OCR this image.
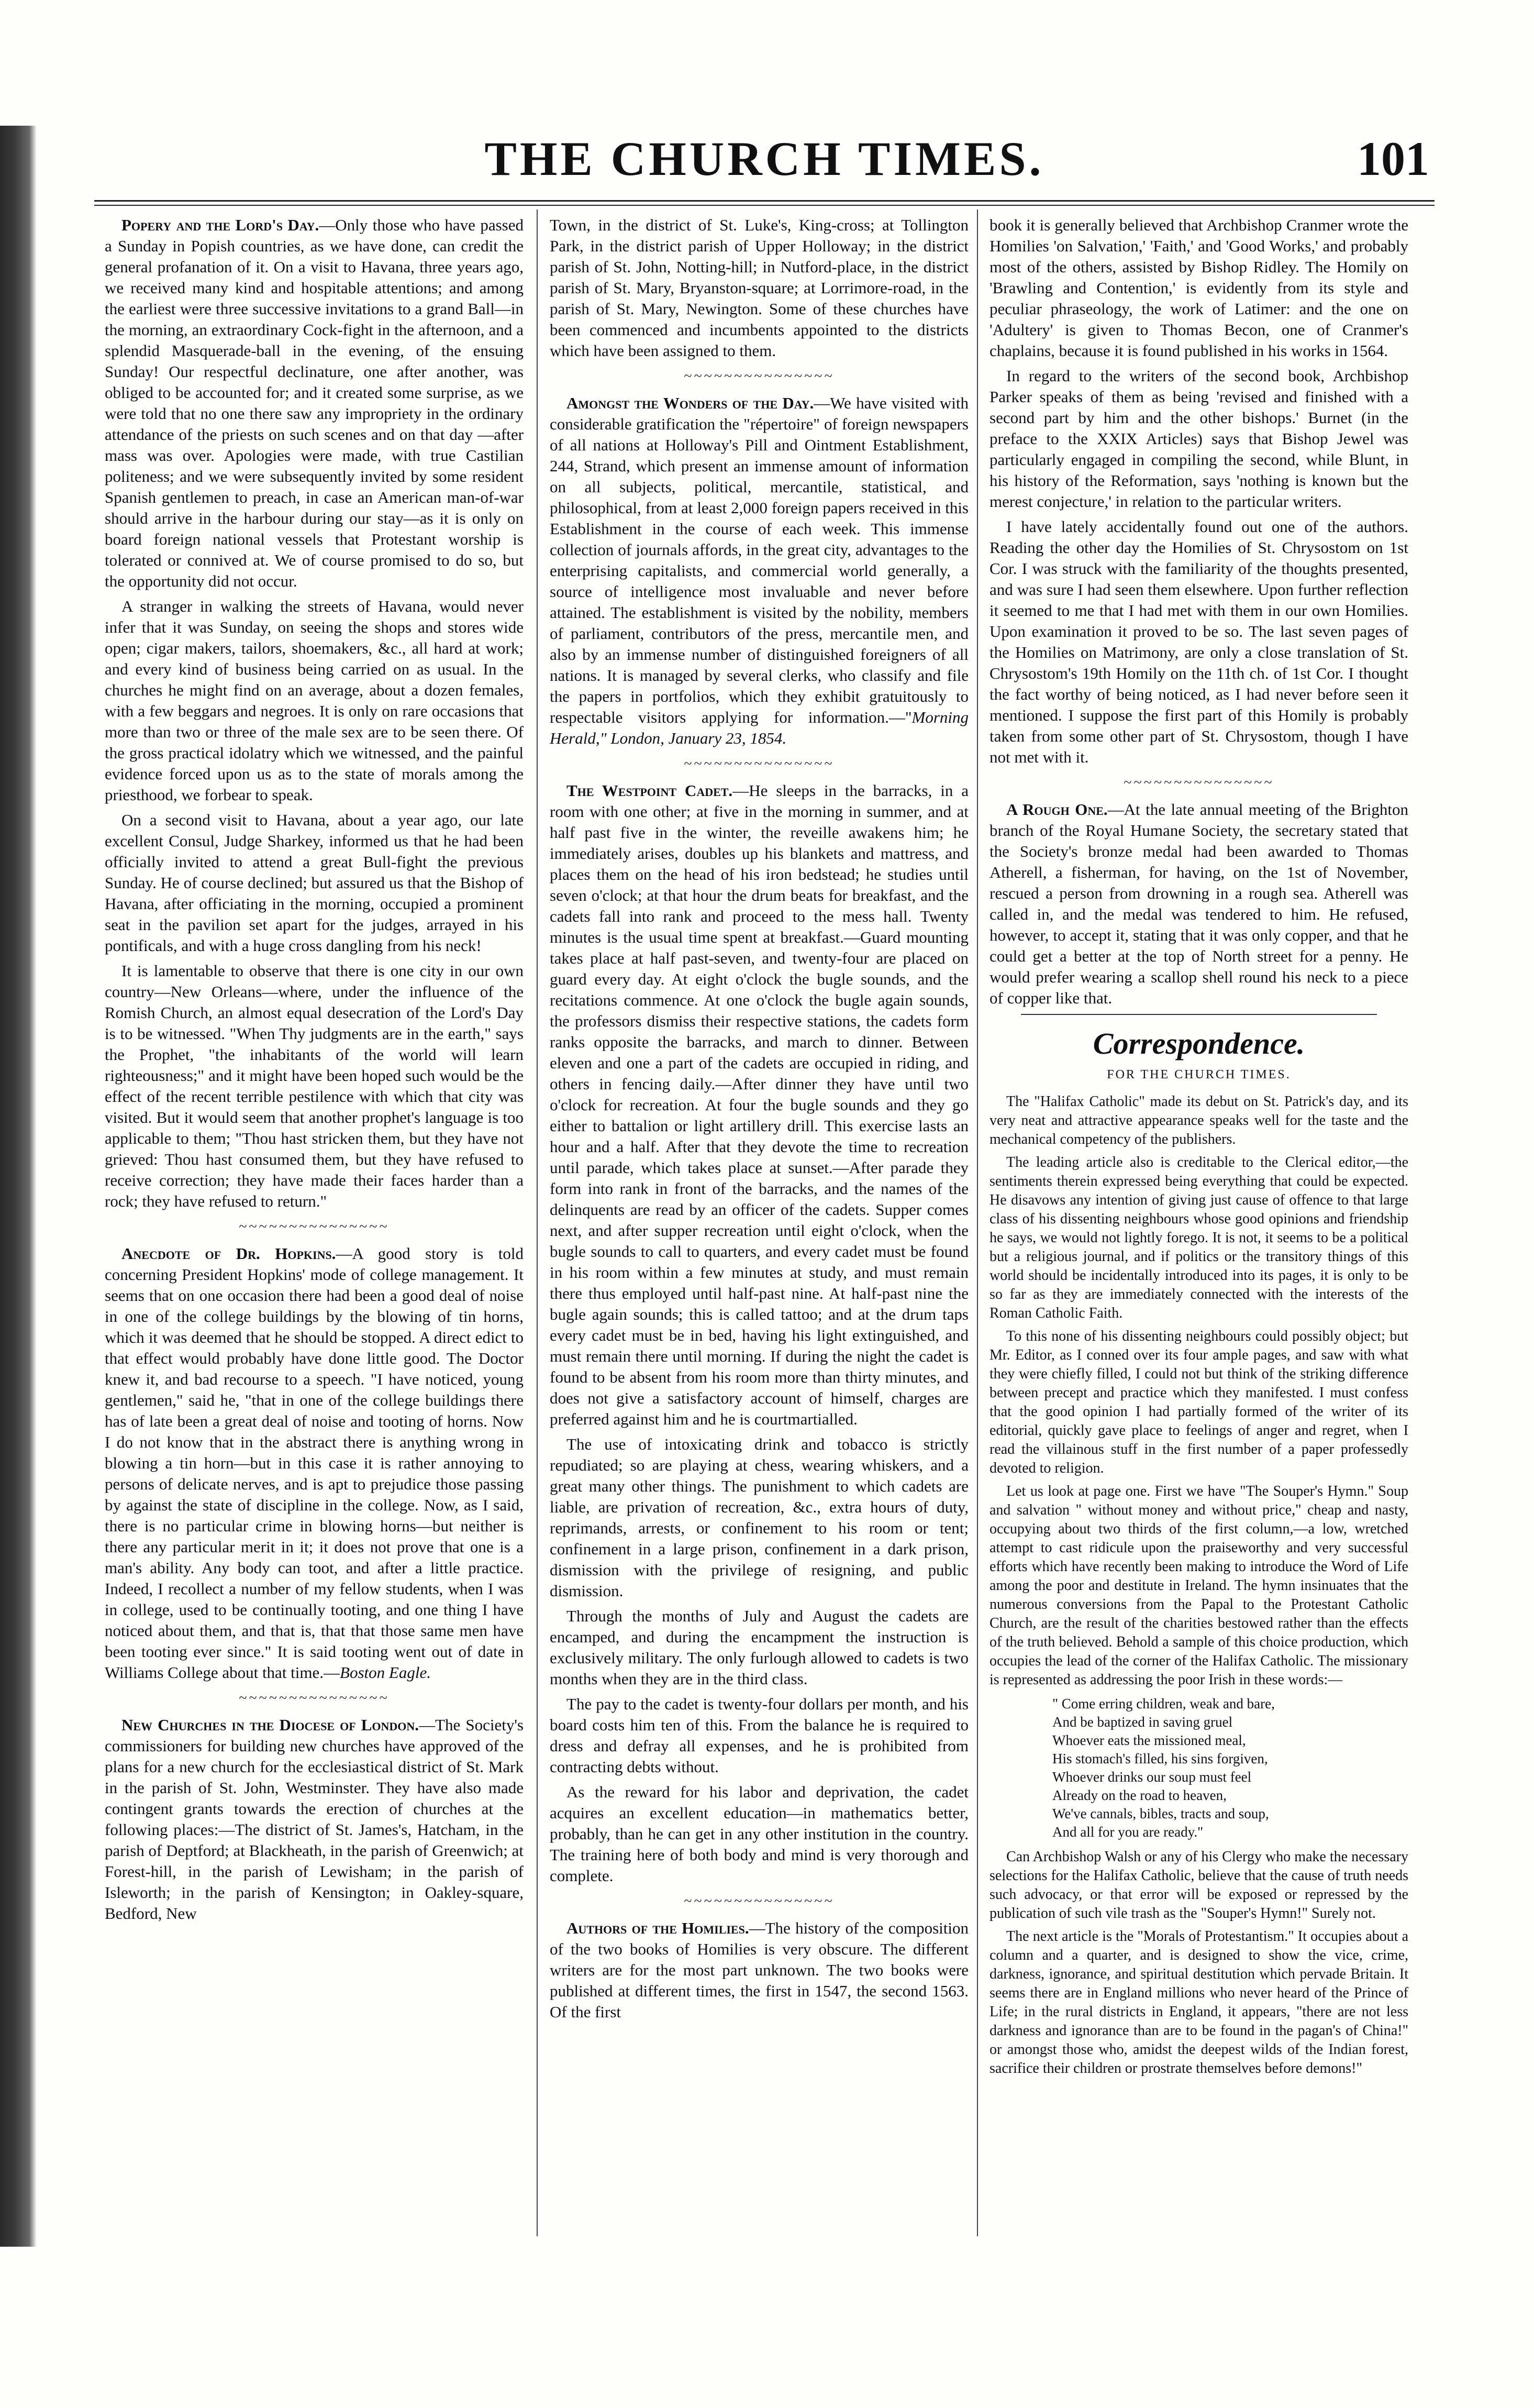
THE CHURCH TIMES.	101

Popery and the Lord's Day.—Only those who have passed a Sunday in Popish countries, as we have done, can credit the general profanation of it. On a visit to Havana, three years ago, we received many kind and hospitable attentions; and among the earliest were three successive invitations to a grand Ball—in the morning, an extraordinary Cock-fight in the afternoon, and a splendid Masquerade-ball in the evening, of the ensuing Sunday! Our respectful declinature, one after another, was obliged to be accounted for; and it created some surprise, as we were told that no one there saw any impropriety in the ordinary attendance of the priests on such scenes and on that day —after mass was over. Apologies were made, with true Castilian politeness; and we were subsequently invited by some resident Spanish gentlemen to preach, in case an American man-of-war should arrive in the harbour during our stay—as it is only on board foreign national vessels that Protestant worship is tolerated or connived at. We of course promised to do so, but the opportunity did not occur.

A stranger in walking the streets of Havana, would never infer that it was Sunday, on seeing the shops and stores wide open; cigar makers, tailors, shoemakers, &c., all hard at work; and every kind of business being carried on as usual. In the churches he might find on an average, about a dozen females, with a few beggars and negroes. It is only on rare occasions that more than two or three of the male sex are to be seen there. Of the gross practical idolatry which we witnessed, and the painful evidence forced upon us as to the state of morals among the priesthood, we forbear to speak.

On a second visit to Havana, about a year ago, our late excellent Consul, Judge Sharkey, informed us that he had been officially invited to attend a great Bull-fight the previous Sunday. He of course declined; but assured us that the Bishop of Havana, after officiating in the morning, occupied a prominent seat in the pavilion set apart for the judges, arrayed in his pontificals, and with a huge cross dangling from his neck!

It is lamentable to observe that there is one city in our own country—New Orleans—where, under the influence of the Romish Church, an almost equal desecration of the Lord's Day is to be witnessed. "When Thy judgments are in the earth," says the Prophet, "the inhabitants of the world will learn righteousness;" and it might have been hoped such would be the effect of the recent terrible pestilence with which that city was visited. But it would seem that another prophet's language is too applicable to them; "Thou hast stricken them, but they have not grieved: Thou hast consumed them, but they have refused to receive correction; they have made their faces harder than a rock; they have refused to return."

~~~~~~~~~~~~~~~

Anecdote of Dr. Hopkins.—A good story is told concerning President Hopkins' mode of college management. It seems that on one occasion there had been a good deal of noise in one of the college buildings by the blowing of tin horns, which it was deemed that he should be stopped. A direct edict to that effect would probably have done little good. The Doctor knew it, and bad recourse to a speech. "I have noticed, young gentlemen," said he, "that in one of the college buildings there has of late been a great deal of noise and tooting of horns. Now I do not know that in the abstract there is anything wrong in blowing a tin horn—but in this case it is rather annoying to persons of delicate nerves, and is apt to prejudice those passing by against the state of discipline in the college. Now, as I said, there is no particular crime in blowing horns—but neither is there any particular merit in it; it does not prove that one is a man's ability. Any body can toot, and after a little practice. Indeed, I recollect a number of my fellow students, when I was in college, used to be continually tooting, and one thing I have noticed about them, and that is, that that those same men have been tooting ever since." It is said tooting went out of date in Williams College about that time.—Boston Eagle.

~~~~~~~~~~~~~~~

New Churches in the Diocese of London.—The Society's commissioners for building new churches have approved of the plans for a new church for the ecclesiastical district of St. Mark in the parish of St. John, Westminster. They have also made contingent grants towards the erection of churches at the following places:—The district of St. James's, Hatcham, in the parish of Deptford; at Blackheath, in the parish of Greenwich; at Forest-hill, in the parish of Lewisham; in the parish of Isleworth; in the parish of Kensington; in Oakley-square, Bedford, New

Town, in the district of St. Luke's, King-cross; at Tollington Park, in the district parish of Upper Holloway; in the district parish of St. John, Notting-hill; in Nutford-place, in the district parish of St. Mary, Bryanston-square; at Lorrimore-road, in the parish of St. Mary, Newington. Some of these churches have been commenced and incumbents appointed to the districts which have been assigned to them.

~~~~~~~~~~~~~~~

Amongst the Wonders of the Day.—We have visited with considerable gratification the "répertoire" of foreign newspapers of all nations at Holloway's Pill and Ointment Establishment, 244, Strand, which present an immense amount of information on all subjects, political, mercantile, statistical, and philosophical, from at least 2,000 foreign papers received in this Establishment in the course of each week. This immense collection of journals affords, in the great city, advantages to the enterprising capitalists, and commercial world generally, a source of intelligence most invaluable and never before attained. The establishment is visited by the nobility, members of parliament, contributors of the press, mercantile men, and also by an immense number of distinguished foreigners of all nations. It is managed by several clerks, who classify and file the papers in portfolios, which they exhibit gratuitously to respectable visitors applying for information.—"Morning Herald," London, January 23, 1854.

~~~~~~~~~~~~~~~

The Westpoint Cadet.—He sleeps in the barracks, in a room with one other; at five in the morning in summer, and at half past five in the winter, the reveille awakens him; he immediately arises, doubles up his blankets and mattress, and places them on the head of his iron bedstead; he studies until seven o'clock; at that hour the drum beats for breakfast, and the cadets fall into rank and proceed to the mess hall. Twenty minutes is the usual time spent at breakfast.—Guard mounting takes place at half past-seven, and twenty-four are placed on guard every day. At eight o'clock the bugle sounds, and the recitations commence. At one o'clock the bugle again sounds, the professors dismiss their respective stations, the cadets form ranks opposite the barracks, and march to dinner. Between eleven and one a part of the cadets are occupied in riding, and others in fencing daily.—After dinner they have until two o'clock for recreation. At four the bugle sounds and they go either to battalion or light artillery drill. This exercise lasts an hour and a half. After that they devote the time to recreation until parade, which takes place at sunset.—After parade they form into rank in front of the barracks, and the names of the delinquents are read by an officer of the cadets. Supper comes next, and after supper recreation until eight o'clock, when the bugle sounds to call to quarters, and every cadet must be found in his room within a few minutes at study, and must remain there thus employed until half-past nine. At half-past nine the bugle again sounds; this is called tattoo; and at the drum taps every cadet must be in bed, having his light extinguished, and must remain there until morning. If during the night the cadet is found to be absent from his room more than thirty minutes, and does not give a satisfactory account of himself, charges are preferred against him and he is courtmartialled.

The use of intoxicating drink and tobacco is strictly repudiated; so are playing at chess, wearing whiskers, and a great many other things. The punishment to which cadets are liable, are privation of recreation, &c., extra hours of duty, reprimands, arrests, or confinement to his room or tent; confinement in a large prison, confinement in a dark prison, dismission with the privilege of resigning, and public dismission.

Through the months of July and August the cadets are encamped, and during the encampment the instruction is exclusively military. The only furlough allowed to cadets is two months when they are in the third class.

The pay to the cadet is twenty-four dollars per month, and his board costs him ten of this. From the balance he is required to dress and defray all expenses, and he is prohibited from contracting debts without.

As the reward for his labor and deprivation, the cadet acquires an excellent education—in mathematics better, probably, than he can get in any other institution in the country. The training here of both body and mind is very thorough and complete.

~~~~~~~~~~~~~~~

Authors of the Homilies.—The history of the composition of the two books of Homilies is very obscure. The different writers are for the most part unknown. The two books were published at different times, the first in 1547, the second 1563. Of the first

book it is generally believed that Archbishop Cranmer wrote the Homilies 'on Salvation,' 'Faith,' and 'Good Works,' and probably most of the others, assisted by Bishop Ridley. The Homily on 'Brawling and Contention,' is evidently from its style and peculiar phraseology, the work of Latimer: and the one on 'Adultery' is given to Thomas Becon, one of Cranmer's chaplains, because it is found published in his works in 1564.

In regard to the writers of the second book, Archbishop Parker speaks of them as being 'revised and finished with a second part by him and the other bishops.' Burnet (in the preface to the XXIX Articles) says that Bishop Jewel was particularly engaged in compiling the second, while Blunt, in his history of the Reformation, says 'nothing is known but the merest conjecture,' in relation to the particular writers.

I have lately accidentally found out one of the authors. Reading the other day the Homilies of St. Chrysostom on 1st Cor. I was struck with the familiarity of the thoughts presented, and was sure I had seen them elsewhere. Upon further reflection it seemed to me that I had met with them in our own Homilies. Upon examination it proved to be so. The last seven pages of the Homilies on Matrimony, are only a close translation of St. Chrysostom's 19th Homily on the 11th ch. of 1st Cor. I thought the fact worthy of being noticed, as I had never before seen it mentioned. I suppose the first part of this Homily is probably taken from some other part of St. Chrysostom, though I have not met with it.

~~~~~~~~~~~~~~~

A Rough One.—At the late annual meeting of the Brighton branch of the Royal Humane Society, the secretary stated that the Society's bronze medal had been awarded to Thomas Atherell, a fisherman, for having, on the 1st of November, rescued a person from drowning in a rough sea. Atherell was called in, and the medal was tendered to him. He refused, however, to accept it, stating that it was only copper, and that he could get a better at the top of North street for a penny. He would prefer wearing a scallop shell round his neck to a piece of copper like that.

Correspondence.
FOR THE CHURCH TIMES.

The "Halifax Catholic" made its debut on St. Patrick's day, and its very neat and attractive appearance speaks well for the taste and the mechanical competency of the publishers.

The leading article also is creditable to the Clerical editor,—the sentiments therein expressed being everything that could be expected. He disavows any intention of giving just cause of offence to that large class of his dissenting neighbours whose good opinions and friendship he says, we would not lightly forego. It is not, it seems to be a political but a religious journal, and if politics or the transitory things of this world should be incidentally introduced into its pages, it is only to be so far as they are immediately connected with the interests of the Roman Catholic Faith.

To this none of his dissenting neighbours could possibly object; but Mr. Editor, as I conned over its four ample pages, and saw with what they were chiefly filled, I could not but think of the striking difference between precept and practice which they manifested. I must confess that the good opinion I had partially formed of the writer of its editorial, quickly gave place to feelings of anger and regret, when I read the villainous stuff in the first number of a paper professedly devoted to religion.

Let us look at page one. First we have "The Souper's Hymn." Soup and salvation " without money and without price," cheap and nasty, occupying about two thirds of the first column,—a low, wretched attempt to cast ridicule upon the praiseworthy and very successful efforts which have recently been making to introduce the Word of Life among the poor and destitute in Ireland. The hymn insinuates that the numerous conversions from the Papal to the Protestant Catholic Church, are the result of the charities bestowed rather than the effects of the truth believed. Behold a sample of this choice production, which occupies the lead of the corner of the Halifax Catholic. The missionary is represented as addressing the poor Irish in these words:—

" Come erring children, weak and bare,
And be baptized in saving gruel
Whoever eats the missioned meal,
His stomach's filled, his sins forgiven,
Whoever drinks our soup must feel
Already on the road to heaven,
We've cannals, bibles, tracts and soup,
And all for you are ready."

Can Archbishop Walsh or any of his Clergy who make the necessary selections for the Halifax Catholic, believe that the cause of truth needs such advocacy, or that error will be exposed or repressed by the publication of such vile trash as the "Souper's Hymn!" Surely not.

The next article is the "Morals of Protestantism." It occupies about a column and a quarter, and is designed to show the vice, crime, darkness, ignorance, and spiritual destitution which pervade Britain. It seems there are in England millions who never heard of the Prince of Life; in the rural districts in England, it appears, "there are not less darkness and ignorance than are to be found in the pagan's of China!" or amongst those who, amidst the deepest wilds of the Indian forest, sacrifice their children or prostrate themselves before demons!"
